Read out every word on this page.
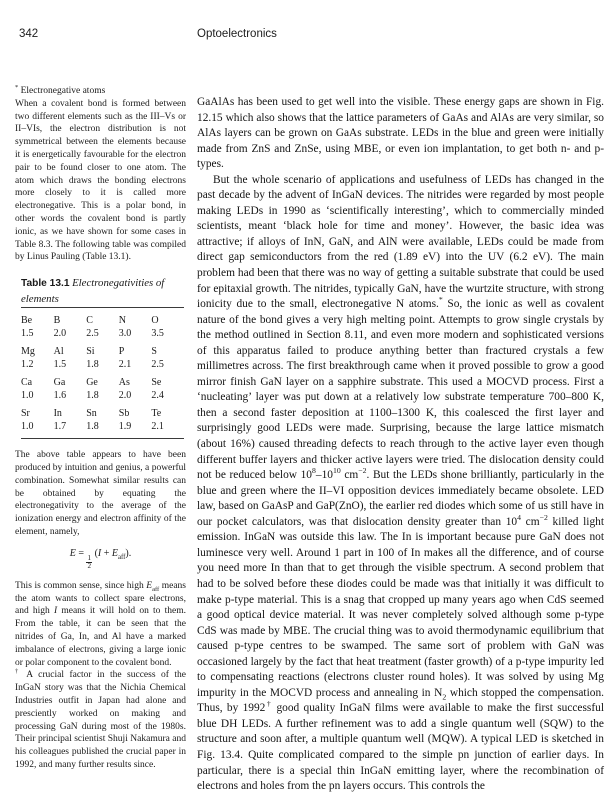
342	Optoelectronics

* Electronegative atoms

When a covalent bond is formed between two different elements such as the III–Vs or II–VIs, the electron distribution is not symmetrical between the elements because it is energetically favourable for the electron pair to be found closer to one atom. The atom which draws the bonding electrons more closely to it is called more electronegative. This is a polar bond, in other words the covalent bond is partly ionic, as we have shown for some cases in Table 8.3. The following table was compiled by Linus Pauling (Table 13.1).

Table 13.1 Electronegativities of elements

Be	B	C	N	O
1.5	2.0	2.5	3.0	3.5
Mg	Al	Si	P	S
1.2	1.5	1.8	2.1	2.5
Ca	Ga	Ge	As	Se
1.0	1.6	1.8	2.0	2.4
Sr	In	Sn	Sb	Te
1.0	1.7	1.8	1.9	2.1

The above table appears to have been produced by intuition and genius, a powerful combination. Somewhat similar results can be obtained by equating the electronegativity to the average of the ionization energy and electron affinity of the element, namely,

E =
$\frac{1}{2}$
$(I + E_{aff})$.

This is common sense, since high $E_{aff}$ means the atom wants to collect spare electrons, and high I means it will hold on to them. From the table, it can be seen that the nitrides of Ga, In, and Al have a marked imbalance of electrons, giving a large ionic or polar component to the covalent bond.

† A crucial factor in the success of the InGaN story was that the Nichia Chemical Industries outfit in Japan had alone and presciently worked on making and processing GaN during most of the 1980s. Their principal scientist Shuji Nakamura and his colleagues published the crucial paper in 1992, and many further results since.

GaAlAs has been used to get well into the visible. These energy gaps are shown in Fig. 12.15 which also shows that the lattice parameters of GaAs and AlAs are very similar, so AlAs layers can be grown on GaAs substrate. LEDs in the blue and green were initially made from ZnS and ZnSe, using MBE, or even ion implantation, to get both n- and p-types.

But the whole scenario of applications and usefulness of LEDs has changed in the past decade by the advent of InGaN devices. The nitrides were regarded by most people making LEDs in 1990 as ‘scientifically interesting’, which to commercially minded scientists, meant ‘black hole for time and money’. However, the basic idea was attractive; if alloys of InN, GaN, and AlN were available, LEDs could be made from direct gap semiconductors from the red (1.89 eV) into the UV (6.2 eV). The main problem had been that there was no way of getting a suitable substrate that could be used for epitaxial growth. The nitrides, typically GaN, have the wurtzite structure, with strong ionicity due to the small, electronegative N atoms.* So, the ionic as well as covalent nature of the bond gives a very high melting point. Attempts to grow single crystals by the method outlined in Section 8.11, and even more modern and sophisticated versions of this apparatus failed to produce anything better than fractured crystals a few millimetres across. The first breakthrough came when it proved possible to grow a good mirror finish GaN layer on a sapphire substrate. This used a MOCVD process. First a ‘nucleating’ layer was put down at a relatively low substrate temperature 700–800 K, then a second faster deposition at 1100–1300 K, this coalesced the first layer and surprisingly good LEDs were made. Surprising, because the large lattice mismatch (about 16%) caused threading defects to reach through to the active layer even though different buffer layers and thicker active layers were tried. The dislocation density could not be reduced below $10^8-10^{10}$ $cm^{-2}$. But the LEDs shone brilliantly, particularly in the blue and green where the II–VI opposition devices immediately became obsolete. LED law, based on GaAsP and GaP(ZnO), the earlier red diodes which some of us still have in our pocket calculators, was that dislocation density greater than $10^4$ $cm^{-2}$ killed light emission. InGaN was outside this law. The In is important because pure GaN does not luminesce very well. Around 1 part in 100 of In makes all the difference, and of course you need more In than that to get through the visible spectrum. A second problem that had to be solved before these diodes could be made was that initially it was difficult to make p-type material. This is a snag that cropped up many years ago when CdS seemed a good optical device material. It was never completely solved although some p-type CdS was made by MBE. The crucial thing was to avoid thermodynamic equilibrium that caused p-type centres to be swamped. The same sort of problem with GaN was occasioned largely by the fact that heat treatment (faster growth) of a p-type impurity led to compensating reactions (electrons cluster round holes). It was solved by using Mg impurity in the MOCVD process and annealing in $N_2$ which stopped the compensation. Thus, by 1992† good quality InGaN films were available to make the first successful blue DH LEDs. A further refinement was to add a single quantum well (SQW) to the structure and soon after, a multiple quantum well (MQW). A typical LED is sketched in Fig. 13.4. Quite complicated compared to the simple pn junction of earlier days. In particular, there is a special thin InGaN emitting layer, where the recombination of electrons and holes from the pn layers occurs. This controls the
